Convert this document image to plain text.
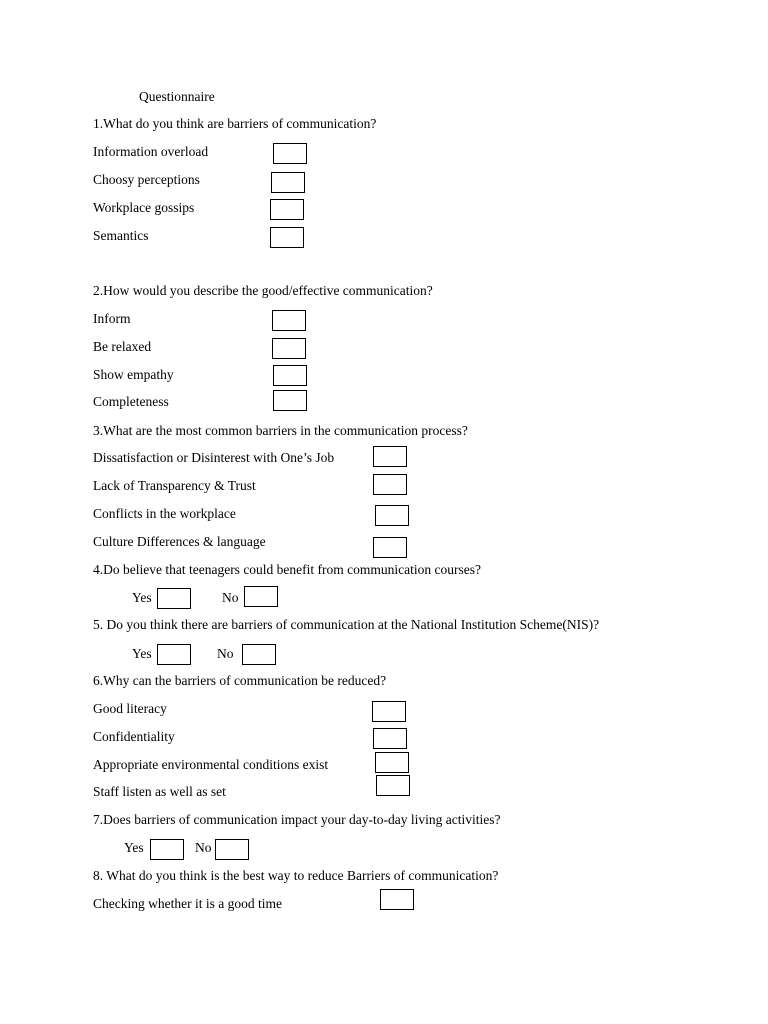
Questionnaire
1.What do you think are barriers of communication?
Information overload
Choosy perceptions
Workplace gossips
Semantics
2.How would you describe the good/effective communication?
Inform
Be relaxed
Show empathy
Completeness
3.What are the most common barriers in the communication process?
Dissatisfaction or Disinterest with One’s Job
Lack of Transparency & Trust
Conflicts in the workplace
Culture Differences & language
4.Do believe that teenagers could benefit from communication courses?
Yes	No
5. Do you think there are barriers of communication at the National Institution Scheme(NIS)?
Yes	No
6.Why can the barriers of communication be reduced?
Good literacy
Confidentiality
Appropriate environmental conditions exist
Staff listen as well as set
7.Does barriers of communication impact your day-to-day living activities?
Yes	No
8. What do you think is the best way to reduce Barriers of communication?
Checking whether it is a good time
